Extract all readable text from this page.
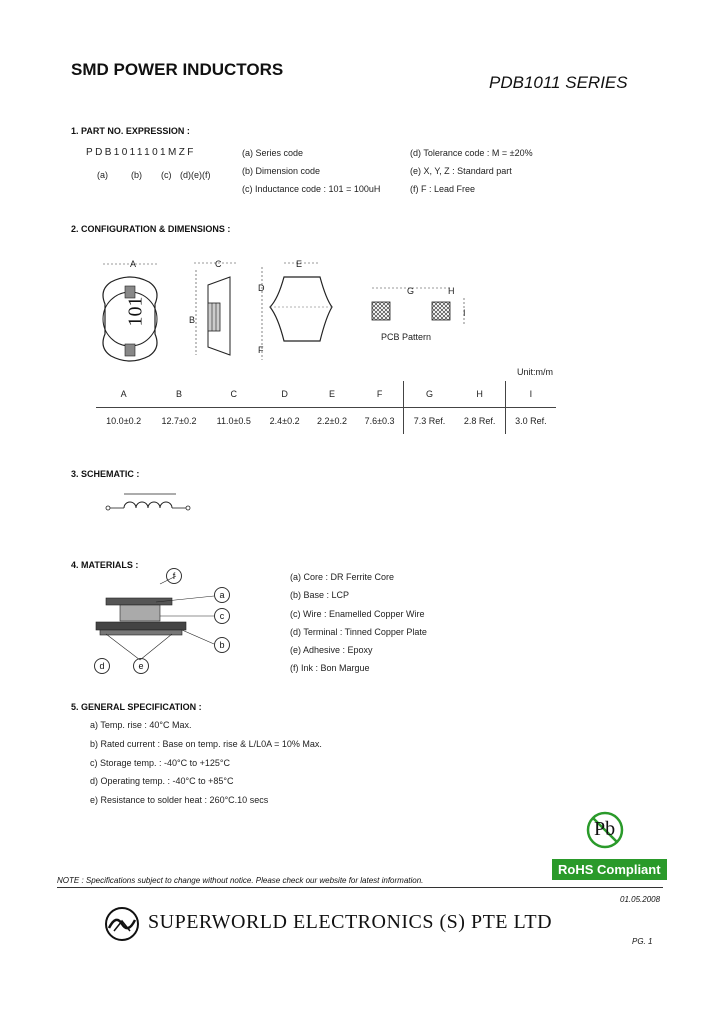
SMD POWER INDUCTORS
PDB1011 SERIES
1. PART NO. EXPRESSION :
PDB1011101MZF
(a)	(b) (c) (d)(e)(f)
(a) Series code
(b) Dimension code
(c) Inductance code : 101 = 100uH
(d) Tolerance code : M = ±20%
(e) X, Y, Z : Standard part
(f) F : Lead Free
2. CONFIGURATION & DIMENSIONS :
A
101
C
B
E
D
F
G	H
I
PCB Pattern
Unit:m/m
A	B	C	D	E	F	G	H	I
10.0±0.2	12.7±0.2	11.0±0.5	2.4±0.2	2.2±0.2	7.6±0.3	7.3 Ref.	2.8 Ref.	3.0 Ref.
3. SCHEMATIC :
4. MATERIALS :
f
a
c
b
d	e
(a) Core : DR Ferrite Core
(b) Base : LCP
(c) Wire : Enamelled Copper Wire
(d) Terminal : Tinned Copper Plate
(e) Adhesive : Epoxy
(f) Ink : Bon Margue
5. GENERAL SPECIFICATION :
a) Temp. rise : 40°C Max.
b) Rated current : Base on temp. rise & L/L0A = 10% Max.
c) Storage temp. : -40°C to +125°C
d) Operating temp. : -40°C to +85°C
e) Resistance to solder heat : 260°C.10 secs
Pb
RoHS Compliant
NOTE : Specifications subject to change without notice. Please check our website for latest information.
01.05.2008
SUPERWORLD ELECTRONICS (S) PTE LTD
PG. 1
